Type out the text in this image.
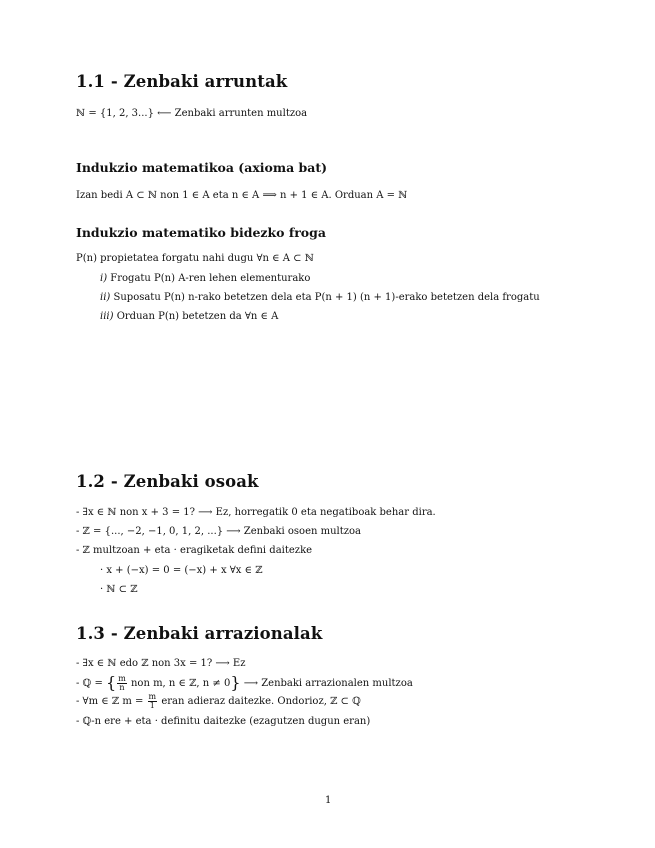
1.1 - Zenbaki arruntak
ℕ = {1, 2, 3...} ⟵ Zenbaki arrunten multzoa
Indukzio matematikoa (axioma bat)
Izan bedi A ⊂ ℕ non 1 ∈ A eta n ∈ A ⟹ n + 1 ∈ A. Orduan A = ℕ
Indukzio matematiko bidezko froga
P(n) propietatea forgatu nahi dugu ∀n ∈ A ⊂ ℕ
i) Frogatu P(n) A-ren lehen elementurako
ii) Suposatu P(n) n-rako betetzen dela eta P(n + 1) (n + 1)-erako betetzen dela frogatu
iii) Orduan P(n) betetzen da ∀n ∈ A
1.2 - Zenbaki osoak
- ∃x ∈ ℕ non x + 3 = 1? ⟶ Ez, horregatik 0 eta negatiboak behar dira.
- ℤ = {..., −2, −1, 0, 1, 2, ...} ⟶ Zenbaki osoen multzoa
- ℤ multzoan + eta · eragiketak defini daitezke
· x + (−x) = 0 = (−x) + x ∀x ∈ ℤ
· ℕ ⊂ ℤ
1.3 - Zenbaki arrazionalak
- ∃x ∈ ℕ edo ℤ non 3x = 1? ⟶ Ez
- ℚ = { $\frac{m}{n}$ non m, n ∈ ℤ, n ≠ 0} ⟶ Zenbaki arrazionalen multzoa
- ∀m ∈ ℤ $m = \frac{m}{1}$ eran adieraz daitezke. Ondorioz, ℤ ⊂ ℚ
- ℚ-n ere + eta · definitu daitezke (ezagutzen dugun eran)
1
